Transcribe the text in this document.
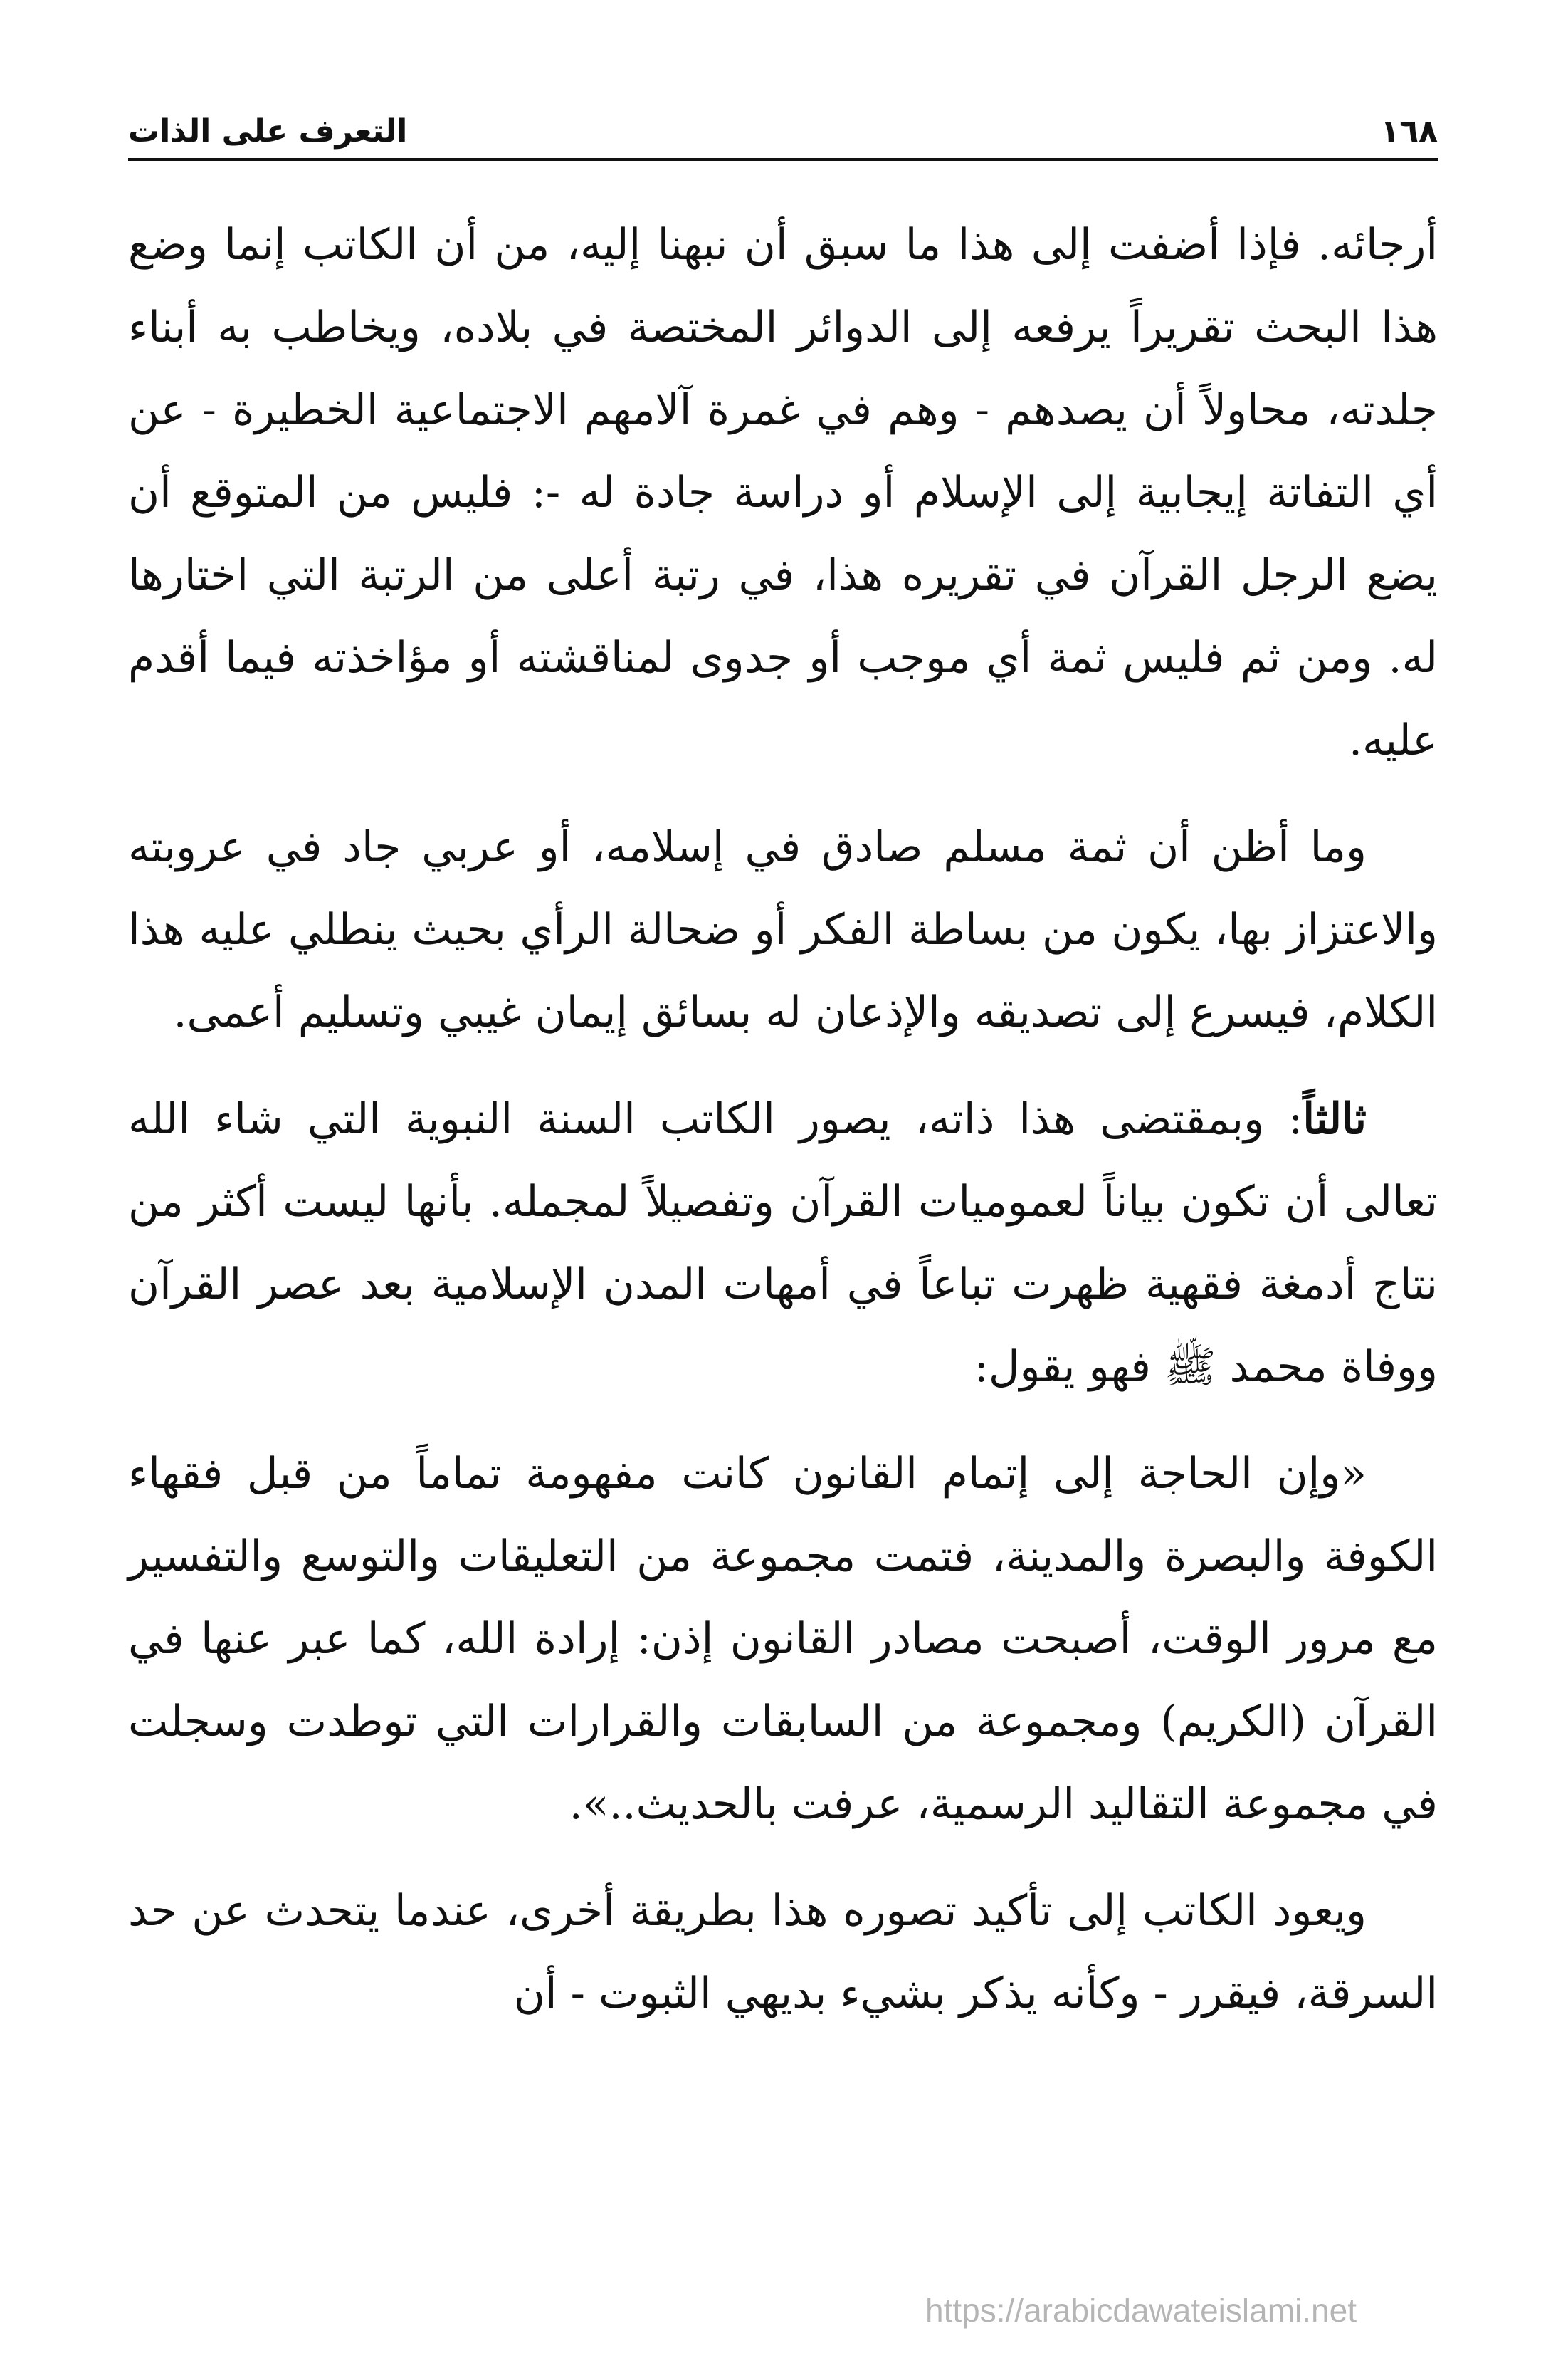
١٦٨
التعرف على الذات

أرجائه. فإذا أضفت إلى هذا ما سبق أن نبهنا إليه، من أن الكاتب إنما وضع هذا البحث تقريراً يرفعه إلى الدوائر المختصة في بلاده، ويخاطب به أبناء جلدته، محاولاً أن يصدهم - وهم في غمرة آلامهم الاجتماعية الخطيرة - عن أي التفاتة إيجابية إلى الإسلام أو دراسة جادة له -: فليس من المتوقع أن يضع الرجل القرآن في تقريره هذا، في رتبة أعلى من الرتبة التي اختارها له. ومن ثم فليس ثمة أي موجب أو جدوى لمناقشته أو مؤاخذته فيما أقدم عليه.

وما أظن أن ثمة مسلم صادق في إسلامه، أو عربي جاد في عروبته والاعتزاز بها، يكون من بساطة الفكر أو ضحالة الرأي بحيث ينطلي عليه هذا الكلام، فيسرع إلى تصديقه والإذعان له بسائق إيمان غيبي وتسليم أعمى.

ثالثاً: وبمقتضى هذا ذاته، يصور الكاتب السنة النبوية التي شاء الله تعالى أن تكون بياناً لعموميات القرآن وتفصيلاً لمجمله. بأنها ليست أكثر من نتاج أدمغة فقهية ظهرت تباعاً في أمهات المدن الإسلامية بعد عصر القرآن ووفاة محمد ﷺ فهو يقول:

«وإن الحاجة إلى إتمام القانون كانت مفهومة تماماً من قبل فقهاء الكوفة والبصرة والمدينة، فتمت مجموعة من التعليقات والتوسع والتفسير مع مرور الوقت، أصبحت مصادر القانون إذن: إرادة الله، كما عبر عنها في القرآن (الكريم) ومجموعة من السابقات والقرارات التي توطدت وسجلت في مجموعة التقاليد الرسمية، عرفت بالحديث..».

ويعود الكاتب إلى تأكيد تصوره هذا بطريقة أخرى، عندما يتحدث عن حد السرقة، فيقرر - وكأنه يذكر بشيء بديهي الثبوت - أن

https://arabicdawateislami.net
